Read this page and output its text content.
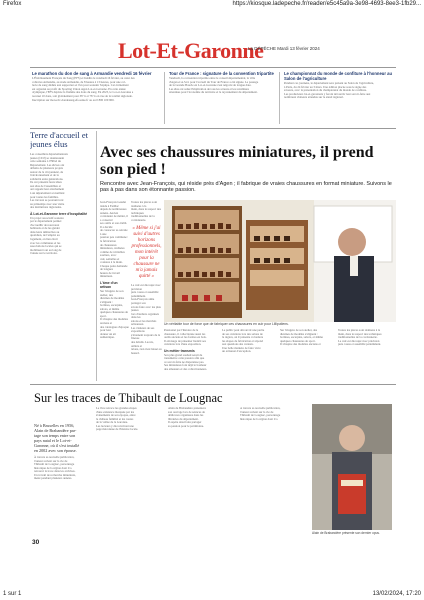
Firefox	https://kiosque.ladepeche.fr/reader/e5c45a9a-3e98-4693-8ee3-1fb29...
Lot-Et-Garonne
La DÉPÊCHE Mardi 13 février 2024
Le marathon du don de sang à Armandie vendredi 16 février
L'Établissement Français du Sang (EFS) et Inédits le vendredi 16 février, au cœur des
collectes Armandie, au stade Armandie, de 8 heures à 13 heures, pour une col-
lecte de sang dédiée aux supporters et l'un pour soutenir l'équipe. Cet événement
est organisé au profit du Sporting Union Agen Lot-et-Garonne. En cette année
olympique, l'EFS déploie la flamme des dons du sang. En 2023, le Lot-et-Garonne a
recensé 10 dons, soit globalement pour 38 % et 78 % en vue de la totalité régionale.
Inscription sur mon-rdv-dondesang.efs.sante.fr ou au 0 800 109 900.
Tour de France : signature de la convention tripartite
Vendredi, la convention tripartite entre le conseil départemental, la ville
d'Agen et A.S.O. pour l'accueil du Tour de France a été signée. Le passage
de la Grande Boucle en Lot-et-Garonne s'est négocié de longue date.
Les élus ont salué l'implication de tous les acteurs et les retombées
attendues pour l'économie du territoire et le rayonnement du département.
Le championnat du monde de confiture à l'honneur au Salon de l'agriculture
Pendant ces journées, le département sera présent au Salon de l'agriculture,
à Paris, du 24 février au 3 mars. Une édition placée sous le signe des
saveurs, avec la présentation du championnat du monde de confiture.
Les producteurs lot-et-garonnais y feront découvrir leur savoir-faire aux
nombreux visiteurs attendus sur le stand régional.
Terre d'accueil et jeunes élus
Les conseillers départementaux
jeunes (CDJ) se réunissaient
cette semaine à l'Hôtel du
Département. Les élèves ont
débattu de plusieurs projets
autour de la citoyenneté, de
l'environnement et de la
solidarité entre générations.
Ils ont présenté leurs idées
aux élus de l'assemblée et
ont rappelé leur attachement
à un département accueillant
pour toutes les familles.
Les travaux se poursuivront
au printemps avec une visite
des institutions régionales.
À Lot-et-Garonne terre d'hospitalité
Un projet associatif soutenu
par le département permet
d'accueillir de nouveaux
habitants et de les guider
dans leurs démarches au
quotidien, de l'emploi au
logement, en lien étroit
avec les communes et les
associations locales qui se
mobilisent tout au long de
l'année sur le territoire.
Avec ses chaussures miniatures, il prend son pied !
Rencontre avec Jean-François, qui réside près d'Agen ; il fabrique de vraies chaussures en format miniature. Suivons le pas à pas dans son étonnante passion.
Jean-François Gaudet réside à Estillac
depuis de nombreuses années. Ancien
cordonnier de métier, il a conservé
ses outils et son établi. Il a décidé
de consacrer sa retraite à une
passion peu commune : la fabrication
de chaussures miniatures, réalisées
comme de véritables souliers, avec
cuir, semelles et coutures à la main.
Chaque paire demande de longues
heures de travail minutieux.
L'âme d'un artisan
Sur l'étagère de son atelier, des
dizaines de modèles s'alignent :
bottines, escarpins, sabots, et même
quelques chaussures de sport.
Il s'inspire des modèles anciens et
des catalogues d'époque pour leur
donner un air authentique.
Toutes les pièces sont réalisées à la
main, dans le respect des techniques
traditionnelles de la cordonnerie.
« Même si j'ai suivi d'autres horizons professionnels, mon intérêt pour la chaussure ne m'a jamais quitté »
Le cuir est découpé avec précision
puis cousu et assemblé patiemment.
Jean-François aime partager son
savoir-faire avec les plus jeunes
lors d'ateliers organisés dans les
salons et les marchés artisanaux.
Les visiteurs de ses expositions
s'étonnent toujours de la finesse
des détails. Lacets, œillets et
talons, rien n'est laissé au hasard.
Un véritable tour de force que de fabriquer ces chaussures en cuir pour Lilliputiens.
Passionné par l'histoire de la
chaussure, il collectionne aussi les
outils anciens et les formes en bois.
Il envisage de présenter bientôt ses
créations lors d'une exposition.
Un métier transmis
Son plus grand souhait serait de
transmettre cette passion afin que
ce savoir-faire ne disparaisse pas.
Ses miniatures font déjà le bonheur
des amateurs et des collectionneurs.
Le public peut découvrir une partie
de ses créations lors des salons de
la région, où il présente volontiers
les étapes de fabrication et répond
aux questions des curieux.
Une belle manière de faire vivre
un artisanat d'exception.
Sur l'étagère de son atelier, des
dizaines de modèles s'alignent :
bottines, escarpins, sabots, et même
quelques chaussures de sport.
Il s'inspire des modèles anciens et
Toutes les pièces sont réalisées à la
main, dans le respect des techniques
traditionnelles de la cordonnerie.
Le cuir est découpé avec précision
puis cousu et assemblé patiemment.
Sur les traces de Thibault de Lougnac
Né à Bruxelles en 1956,
Alain de Brabandère par-
tage son temps entre son
pays natal et le Lot-et-
Garonne, où il s'est installé
en 2002 avec son épouse.
À travers sa nouvelle publication,
l'auteur revient sur la vie de
Thibault de Lougnac, personnage
historique de la région dont il a
retrouvé la trace dans les archives.
Un travail de recherche minutieux,
mené pendant plusieurs années.
Le livre retrace les grandes étapes
d'une existence marquée par les
événements de son époque, entre
le château familial et les routes
de la vallée de la Garonne.
Les lecteurs y découvriront une
page méconnue de l'histoire locale.
Alain de Brabandère présentera
son ouvrage lors de séances de
dédicaces organisées dans les
librairies du département.
Il espère ainsi faire partager
sa passion pour le patrimoine.
À travers sa nouvelle publication,
l'auteur revient sur la vie de
Thibault de Lougnac, personnage
historique de la région dont il a
Alain de Brabandère présente son dernier opus.
30
1 sur 1	13/02/2024, 17:20
